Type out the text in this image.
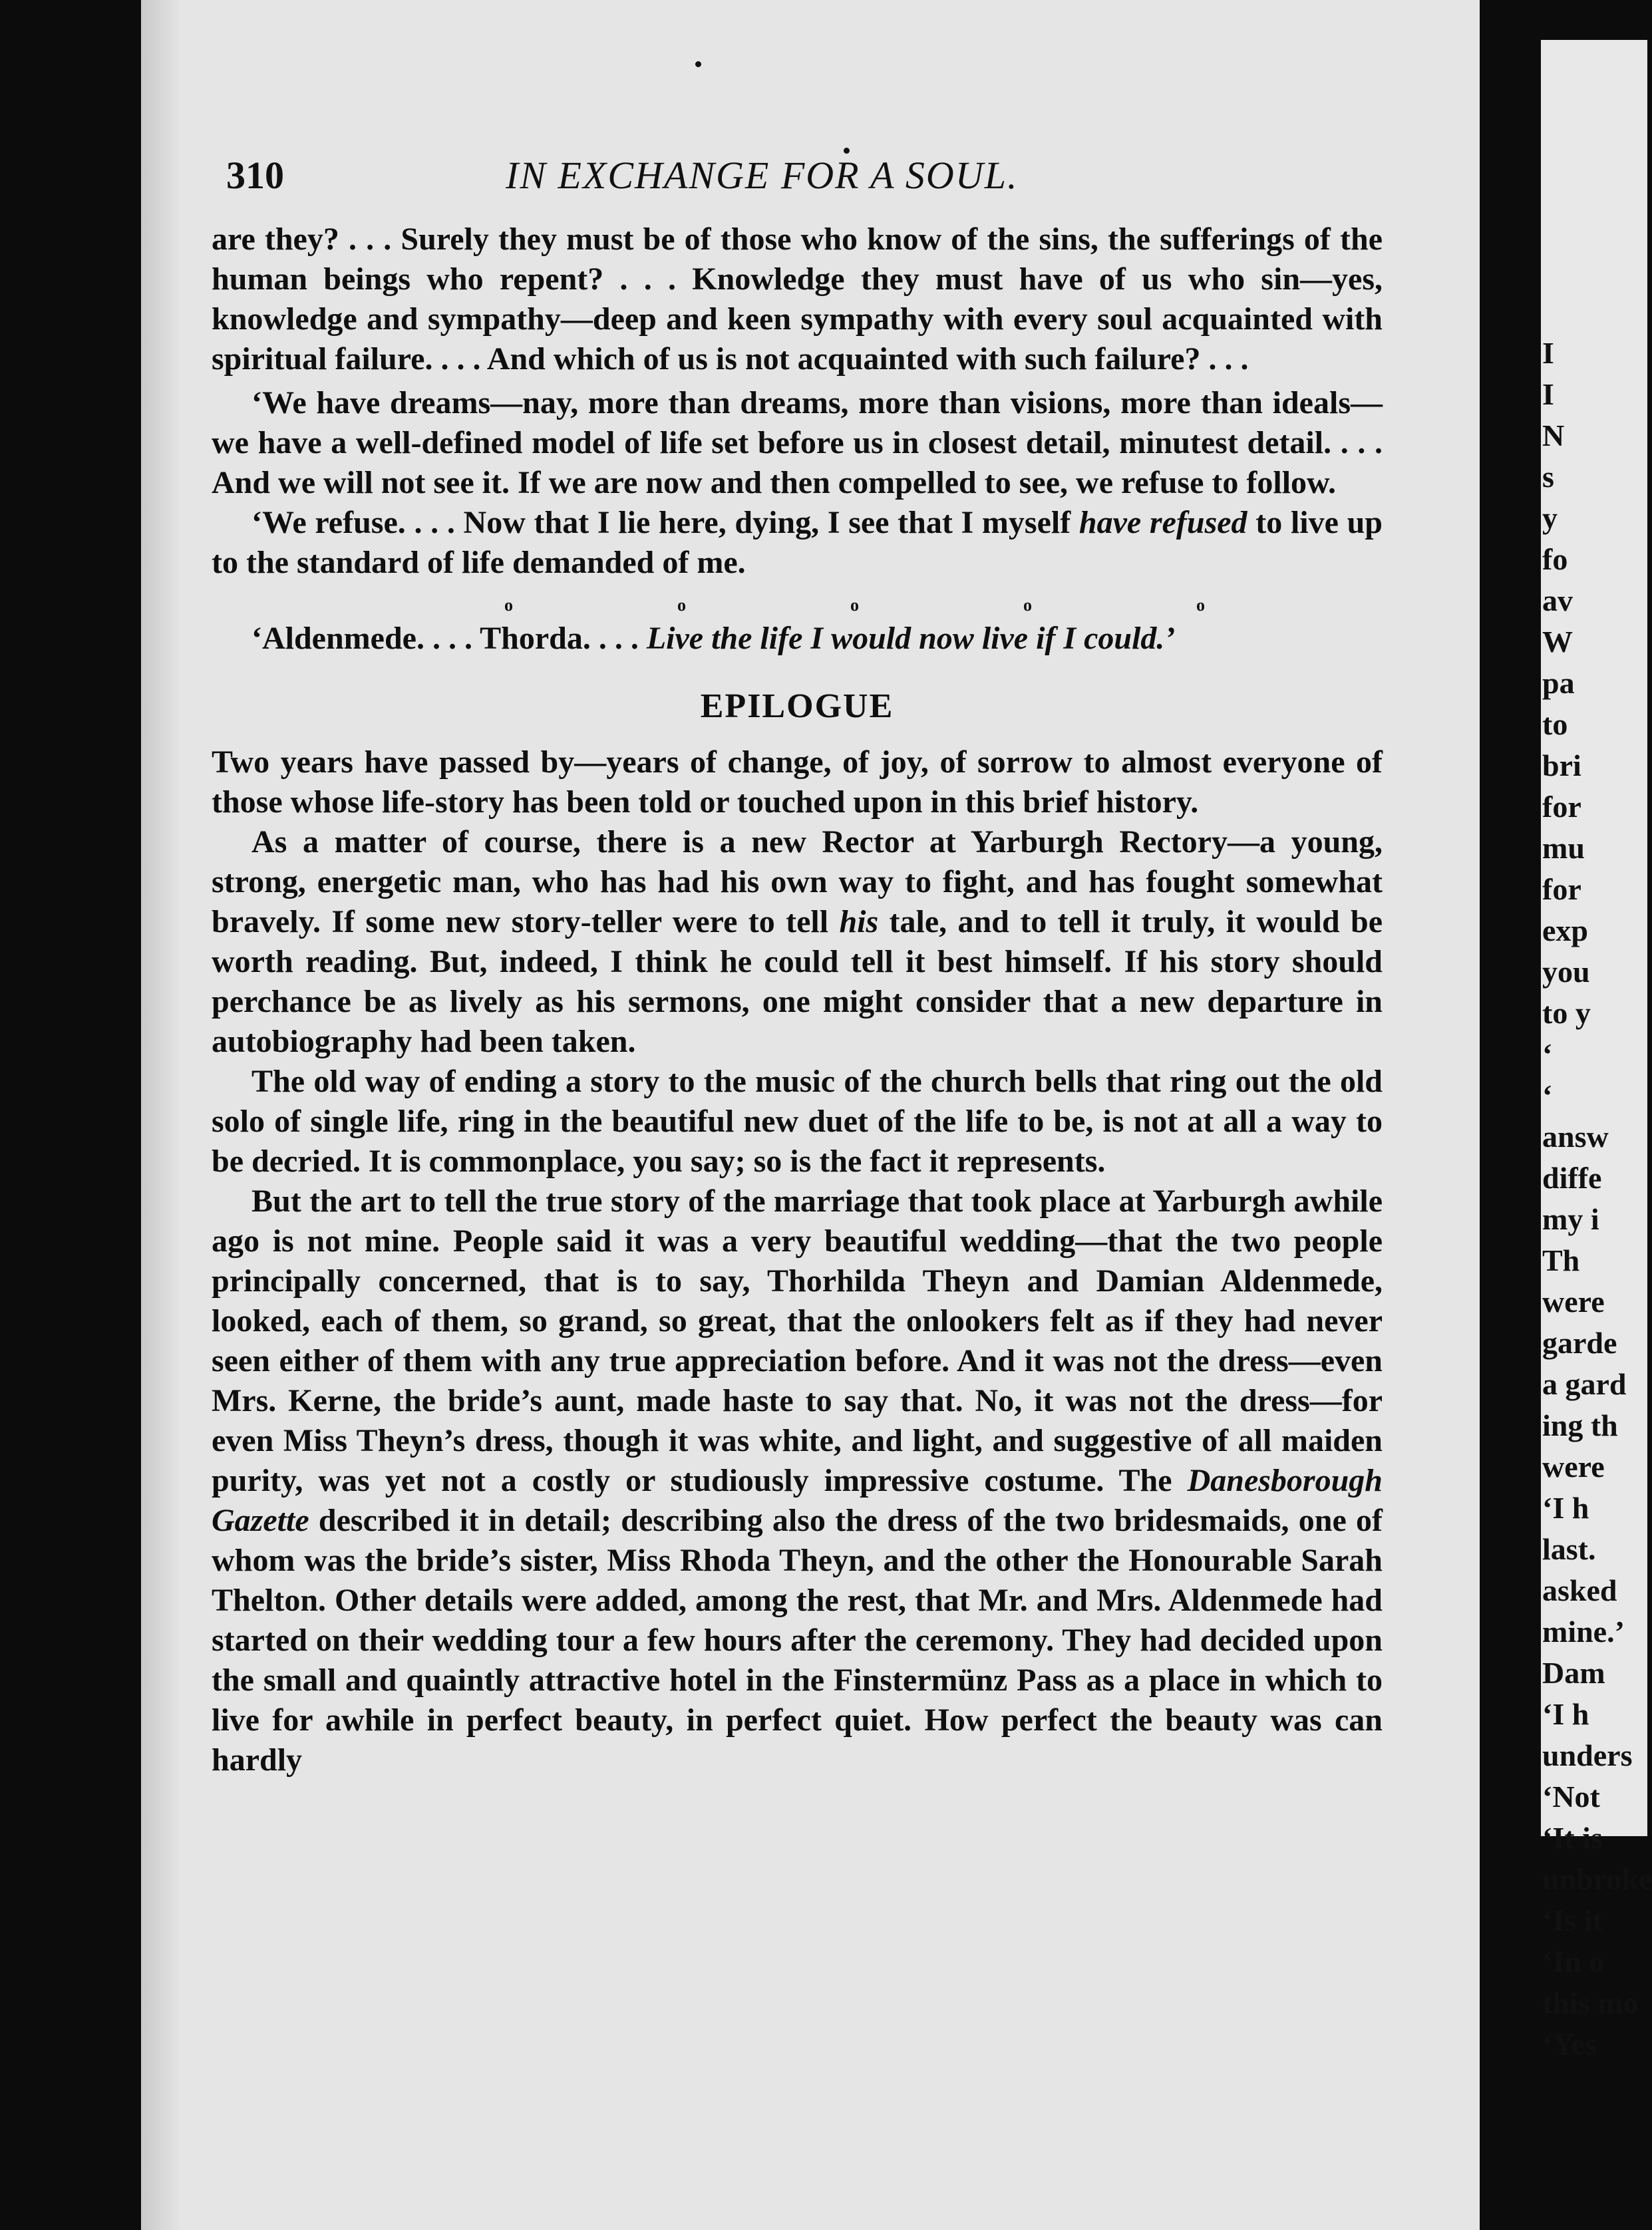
310	IN EXCHANGE FOR A SOUL.

are they? . . . Surely they must be of those who know of the sins, the sufferings of the human beings who repent? . . . Knowledge they must have of us who sin—yes, knowledge and sympathy—deep and keen sympathy with every soul acquainted with spiritual failure. . . . And which of us is not acquainted with such failure? . . .

‘We have dreams—nay, more than dreams, more than visions, more than ideals—we have a well-defined model of life set before us in closest detail, minutest detail. . . . And we will not see it. If we are now and then compelled to see, we refuse to follow.

‘We refuse. . . . Now that I lie here, dying, I see that I myself have refused to live up to the standard of life demanded of me.

o	o	o	o	o

‘Aldenmede. . . . Thorda. . . . Live the life I would now live if I could.’

EPILOGUE

Two years have passed by—years of change, of joy, of sorrow to almost everyone of those whose life-story has been told or touched upon in this brief history.

As a matter of course, there is a new Rector at Yarburgh Rectory—a young, strong, energetic man, who has had his own way to fight, and has fought somewhat bravely. If some new story-teller were to tell his tale, and to tell it truly, it would be worth reading. But, indeed, I think he could tell it best himself. If his story should perchance be as lively as his sermons, one might consider that a new departure in autobiography had been taken.

The old way of ending a story to the music of the church bells that ring out the old solo of single life, ring in the beautiful new duet of the life to be, is not at all a way to be decried. It is commonplace, you say; so is the fact it represents.

But the art to tell the true story of the marriage that took place at Yarburgh awhile ago is not mine. People said it was a very beautiful wedding—that the two people principally concerned, that is to say, Thorhilda Theyn and Damian Aldenmede, looked, each of them, so grand, so great, that the onlookers felt as if they had never seen either of them with any true appreciation before. And it was not the dress—even Mrs. Kerne, the bride’s aunt, made haste to say that. No, it was not the dress—for even Miss Theyn’s dress, though it was white, and light, and suggestive of all maiden purity, was yet not a costly or studiously impressive costume. The Danesborough Gazette described it in detail; describing also the dress of the two bridesmaids, one of whom was the bride’s sister, Miss Rhoda Theyn, and the other the Honourable Sarah Thelton. Other details were added, among the rest, that Mr. and Mrs. Aldenmede had started on their wedding tour a few hours after the ceremony. They had decided upon the small and quaintly attractive hotel in the Finstermünz Pass as a place in which to live for awhile in perfect beauty, in perfect quiet. How perfect the beauty was can hardly

I
I
N
s
y
fo
av
W
pa
to
bri
for
mu
for
exp
you
to y
‘
‘
answ
diffe
my i
Th
were
garde
a gard
ing th
were
‘I h
last.
asked
mine.’
Dam
‘I h
unders
‘Not
‘It is
unbroke
‘Is it
‘In o
this mo
‘Yes
